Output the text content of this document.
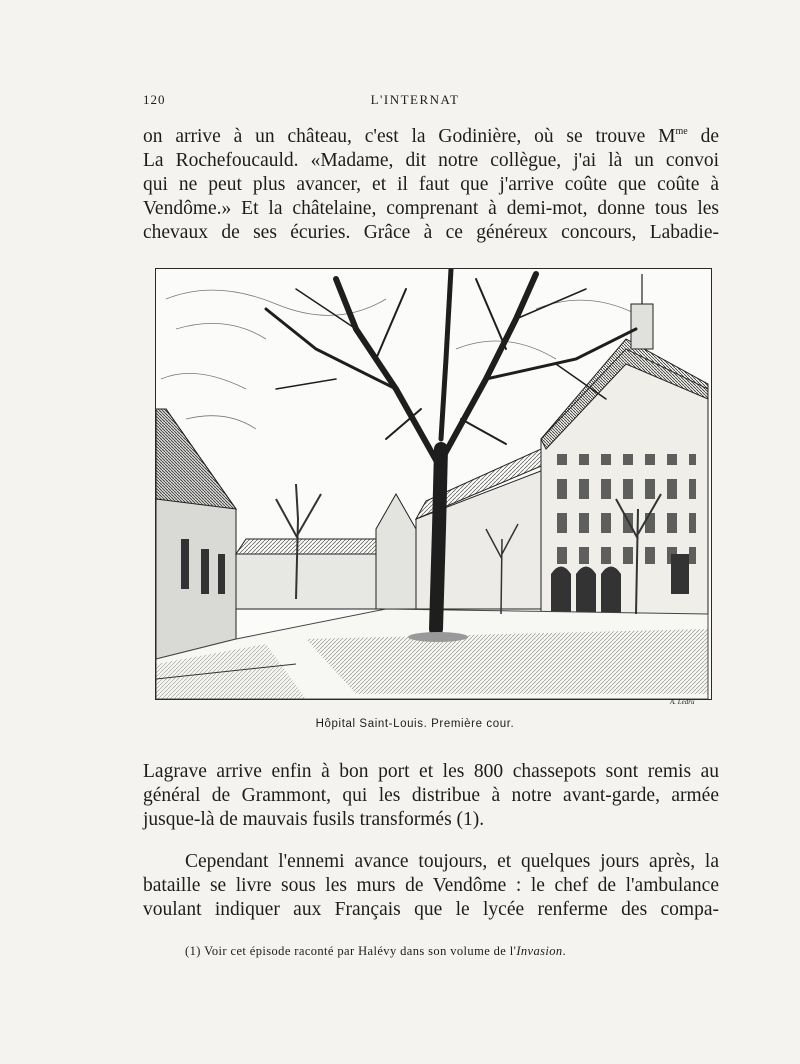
120	L'INTERNAT
on arrive à un château, c'est la Godinière, où se trouve $M^{me}$ de
La Rochefoucauld. «Madame, dit notre collègue, j'ai là un convoi
qui ne peut plus avancer, et il faut que j'arrive coûte que coûte à
Vendôme.» Et la châtelaine, comprenant à demi-mot, donne tous les
chevaux de ses écuries. Grâce à ce généreux concours, Labadie-
A. Ledru
Hôpital Saint-Louis. Première cour.
Lagrave arrive enfin à bon port et les 800 chassepots sont remis au
général de Grammont, qui les distribue à notre avant-garde, armée
jusque-là de mauvais fusils transformés (1).
Cependant l'ennemi avance toujours, et quelques jours après, la
bataille se livre sous les murs de Vendôme : le chef de l'ambulance
voulant indiquer aux Français que le lycée renferme des compa-
(1) Voir cet épisode raconté par Halévy dans son volume de l'Invasion.
